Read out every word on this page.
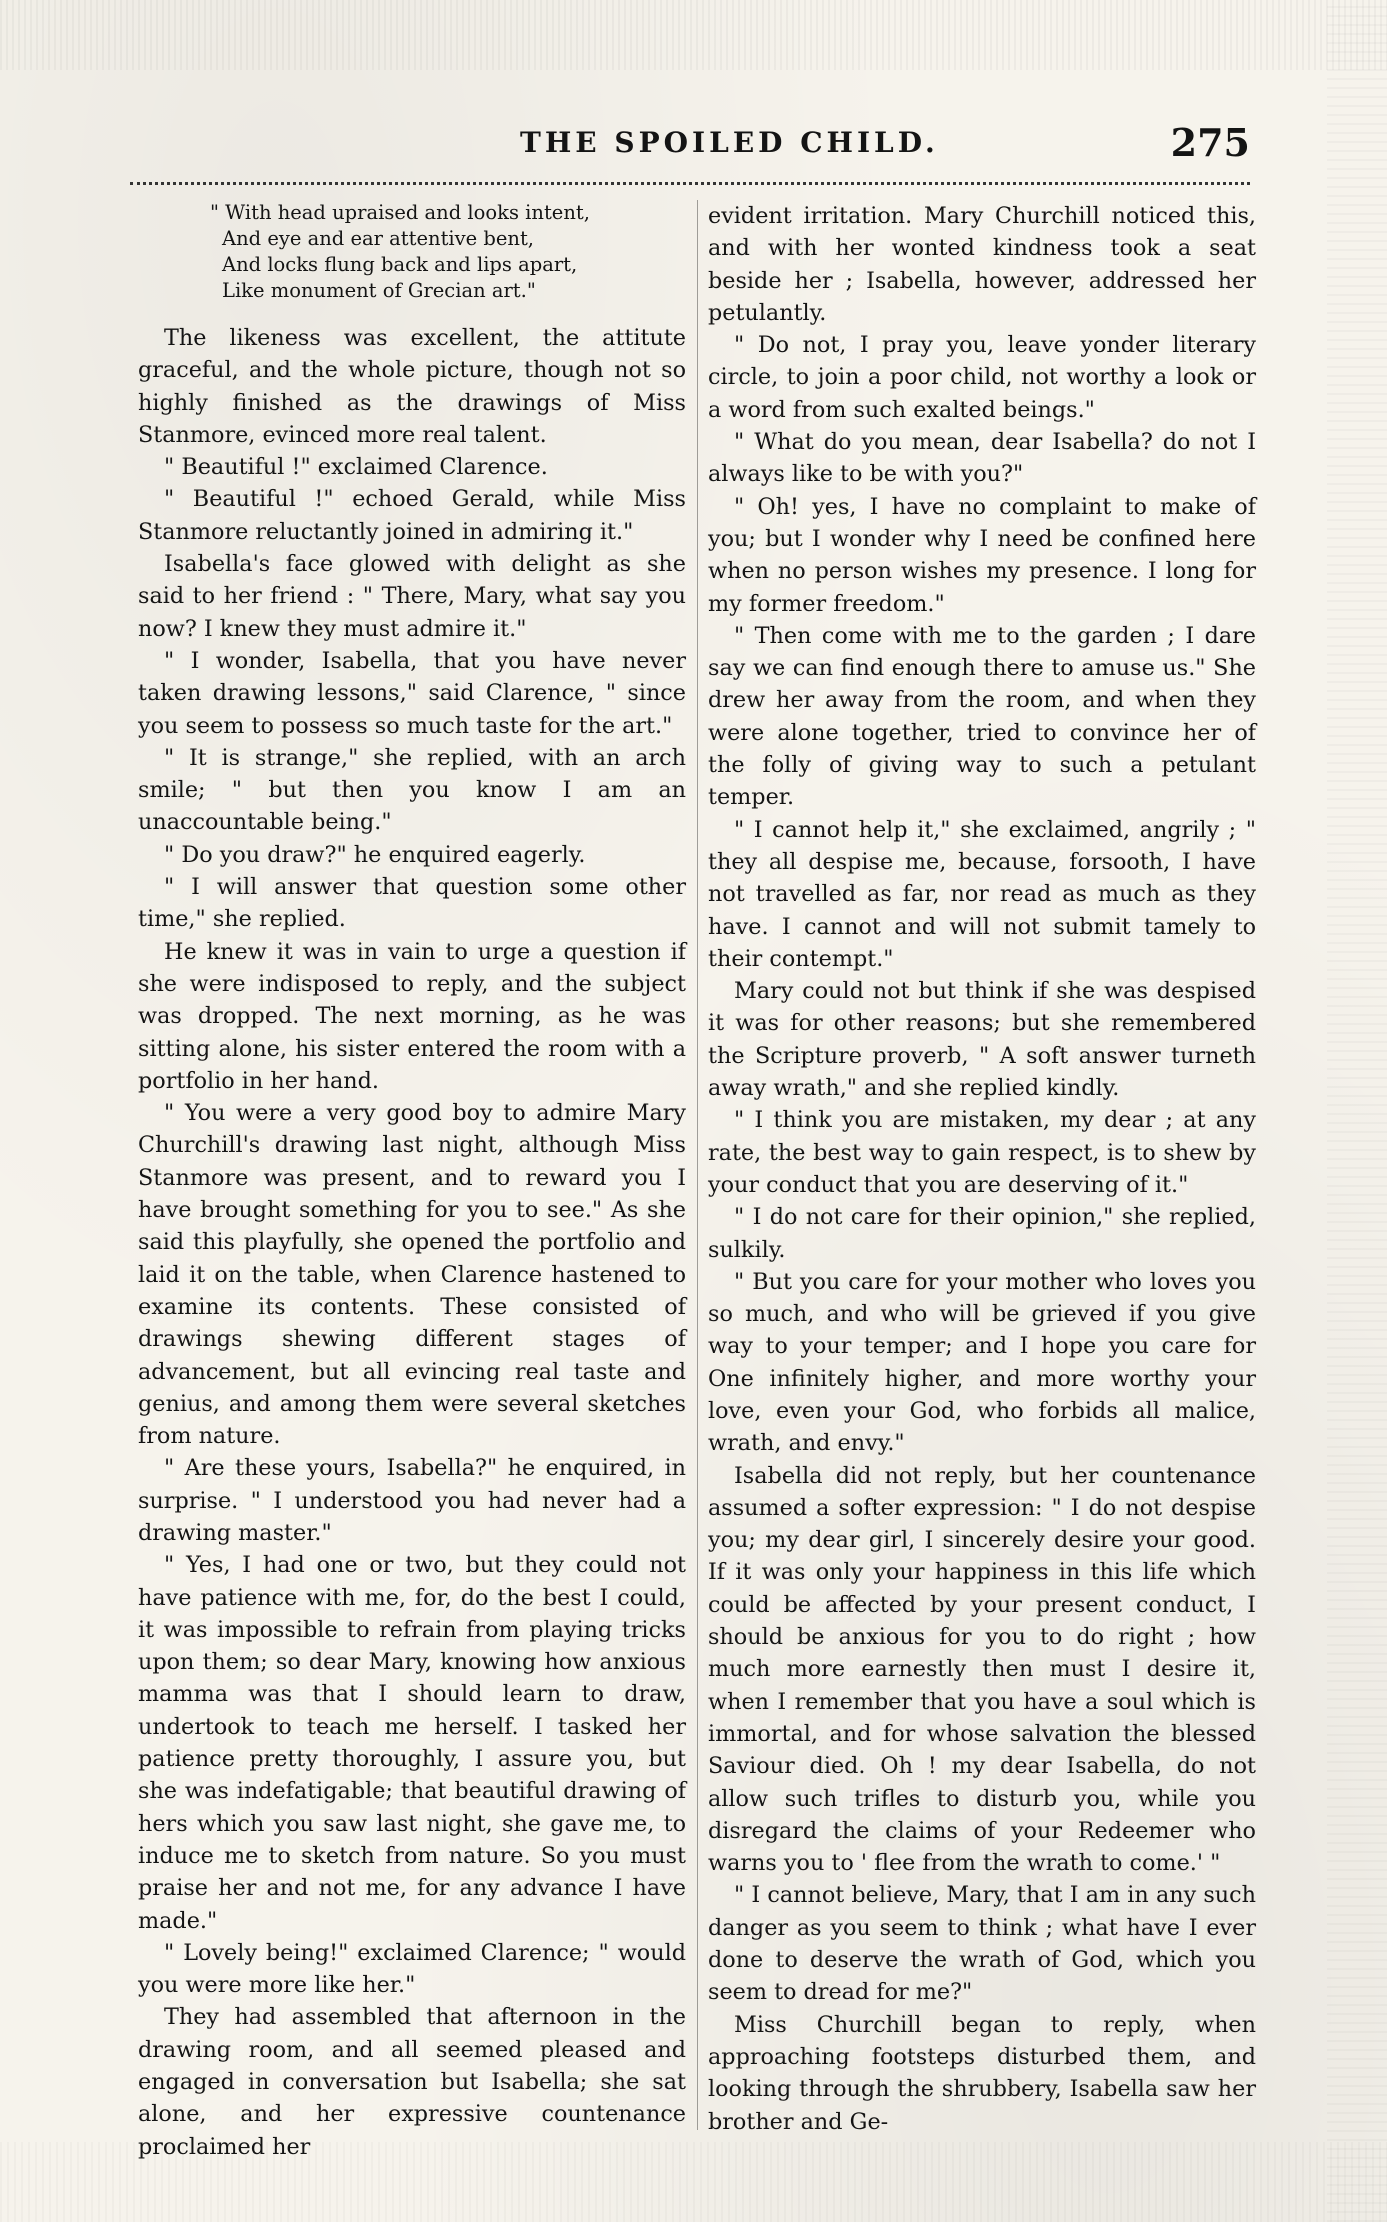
THE SPOILED CHILD.	275
" With head upraised and looks intent,
And eye and ear attentive bent,
And locks flung back and lips apart,
Like monument of Grecian art."

The likeness was excellent, the attitute graceful, and the whole picture, though not so highly finished as the drawings of Miss Stanmore, evinced more real talent.

" Beautiful !" exclaimed Clarence.

" Beautiful !" echoed Gerald, while Miss Stanmore reluctantly joined in admiring it."

Isabella's face glowed with delight as she said to her friend : " There, Mary, what say you now? I knew they must admire it."

" I wonder, Isabella, that you have never taken drawing lessons," said Clarence, " since you seem to possess so much taste for the art."

" It is strange," she replied, with an arch smile; " but then you know I am an unaccountable being."

" Do you draw?" he enquired eagerly.

" I will answer that question some other time," she replied.

He knew it was in vain to urge a question if she were indisposed to reply, and the subject was dropped. The next morning, as he was sitting alone, his sister entered the room with a portfolio in her hand.

" You were a very good boy to admire Mary Churchill's drawing last night, although Miss Stanmore was present, and to reward you I have brought something for you to see." As she said this playfully, she opened the portfolio and laid it on the table, when Clarence hastened to examine its contents. These consisted of drawings shewing different stages of advancement, but all evincing real taste and genius, and among them were several sketches from nature.

" Are these yours, Isabella?" he enquired, in surprise. " I understood you had never had a drawing master."

" Yes, I had one or two, but they could not have patience with me, for, do the best I could, it was impossible to refrain from playing tricks upon them; so dear Mary, knowing how anxious mamma was that I should learn to draw, undertook to teach me herself. I tasked her patience pretty thoroughly, I assure you, but she was indefatigable; that beautiful drawing of hers which you saw last night, she gave me, to induce me to sketch from nature. So you must praise her and not me, for any advance I have made."

" Lovely being!" exclaimed Clarence; " would you were more like her."

They had assembled that afternoon in the drawing room, and all seemed pleased and engaged in conversation but Isabella; she sat alone, and her expressive countenance proclaimed her

evident irritation. Mary Churchill noticed this, and with her wonted kindness took a seat beside her ; Isabella, however, addressed her petulantly.

" Do not, I pray you, leave yonder literary circle, to join a poor child, not worthy a look or a word from such exalted beings."

" What do you mean, dear Isabella? do not I always like to be with you?"

" Oh! yes, I have no complaint to make of you; but I wonder why I need be confined here when no person wishes my presence. I long for my former freedom."

" Then come with me to the garden ; I dare say we can find enough there to amuse us." She drew her away from the room, and when they were alone together, tried to convince her of the folly of giving way to such a petulant temper.

" I cannot help it," she exclaimed, angrily ; " they all despise me, because, forsooth, I have not travelled as far, nor read as much as they have. I cannot and will not submit tamely to their contempt."

Mary could not but think if she was despised it was for other reasons; but she remembered the Scripture proverb, " A soft answer turneth away wrath," and she replied kindly.

" I think you are mistaken, my dear ; at any rate, the best way to gain respect, is to shew by your conduct that you are deserving of it."

" I do not care for their opinion," she replied, sulkily.

" But you care for your mother who loves you so much, and who will be grieved if you give way to your temper; and I hope you care for One infinitely higher, and more worthy your love, even your God, who forbids all malice, wrath, and envy."

Isabella did not reply, but her countenance assumed a softer expression: " I do not despise you; my dear girl, I sincerely desire your good. If it was only your happiness in this life which could be affected by your present conduct, I should be anxious for you to do right ; how much more earnestly then must I desire it, when I remember that you have a soul which is immortal, and for whose salvation the blessed Saviour died. Oh ! my dear Isabella, do not allow such trifles to disturb you, while you disregard the claims of your Redeemer who warns you to ' flee from the wrath to come.' "

" I cannot believe, Mary, that I am in any such danger as you seem to think ; what have I ever done to deserve the wrath of God, which you seem to dread for me?"

Miss Churchill began to reply, when approaching footsteps disturbed them, and looking through the shrubbery, Isabella saw her brother and Ge-
